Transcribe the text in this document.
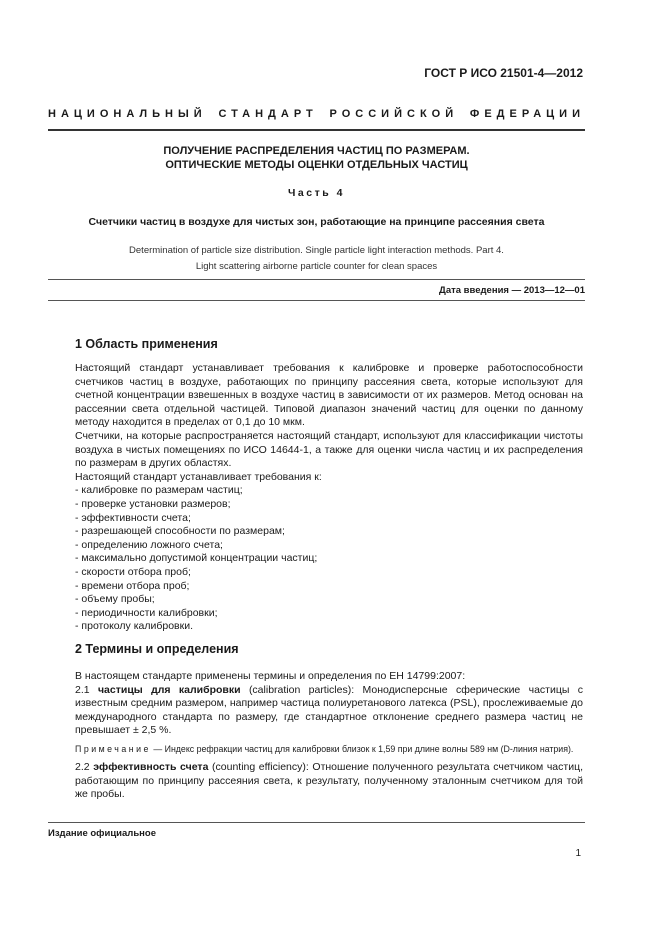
ГОСТ Р ИСО 21501-4—2012
НАЦИОНАЛЬНЫЙ СТАНДАРТ РОССИЙСКОЙ ФЕДЕРАЦИИ
ПОЛУЧЕНИЕ РАСПРЕДЕЛЕНИЯ ЧАСТИЦ ПО РАЗМЕРАМ.
ОПТИЧЕСКИЕ МЕТОДЫ ОЦЕНКИ ОТДЕЛЬНЫХ ЧАСТИЦ
Часть 4
Счетчики частиц в воздухе для чистых зон, работающие на принципе рассеяния света
Determination of particle size distribution. Single particle light interaction methods. Part 4.
Light scattering airborne particle counter for clean spaces
Дата введения — 2013—12—01
1 Область применения
Настоящий стандарт устанавливает требования к калибровке и проверке работоспособности счетчиков частиц в воздухе, работающих по принципу рассеяния света, которые используют для счетной концентрации взвешенных в воздухе частиц в зависимости от их размеров. Метод основан на рассеянии света отдельной частицей. Типовой диапазон значений частиц для оценки по данному методу находится в пределах от 0,1 до 10 мкм.
Счетчики, на которые распространяется настоящий стандарт, используют для классификации чистоты воздуха в чистых помещениях по ИСО 14644-1, а также для оценки числа частиц и их распределения по размерам в других областях.
Настоящий стандарт устанавливает требования к:
- калибровке по размерам частиц;
- проверке установки размеров;
- эффективности счета;
- разрешающей способности по размерам;
- определению ложного счета;
- максимально допустимой концентрации частиц;
- скорости отбора проб;
- времени отбора проб;
- объему пробы;
- периодичности калибровки;
- протоколу калибровки.
2 Термины и определения
В настоящем стандарте применены термины и определения по ЕН 14799:2007:
2.1 частицы для калибровки (calibration particles): Монодисперсные сферические частицы с известным средним размером, например частица полиуретанового латекса (PSL), прослеживаемые до международного стандарта по размеру, где стандартное отклонение среднего размера частиц не превышает ± 2,5 %.
Примечание — Индекс рефракции частиц для калибровки близок к 1,59 при длине волны 589 нм (D-линия натрия).
2.2 эффективность счета (counting efficiency): Отношение полученного результата счетчиком частиц, работающим по принципу рассеяния света, к результату, полученному эталонным счетчиком для той же пробы.
Издание официальное
1
